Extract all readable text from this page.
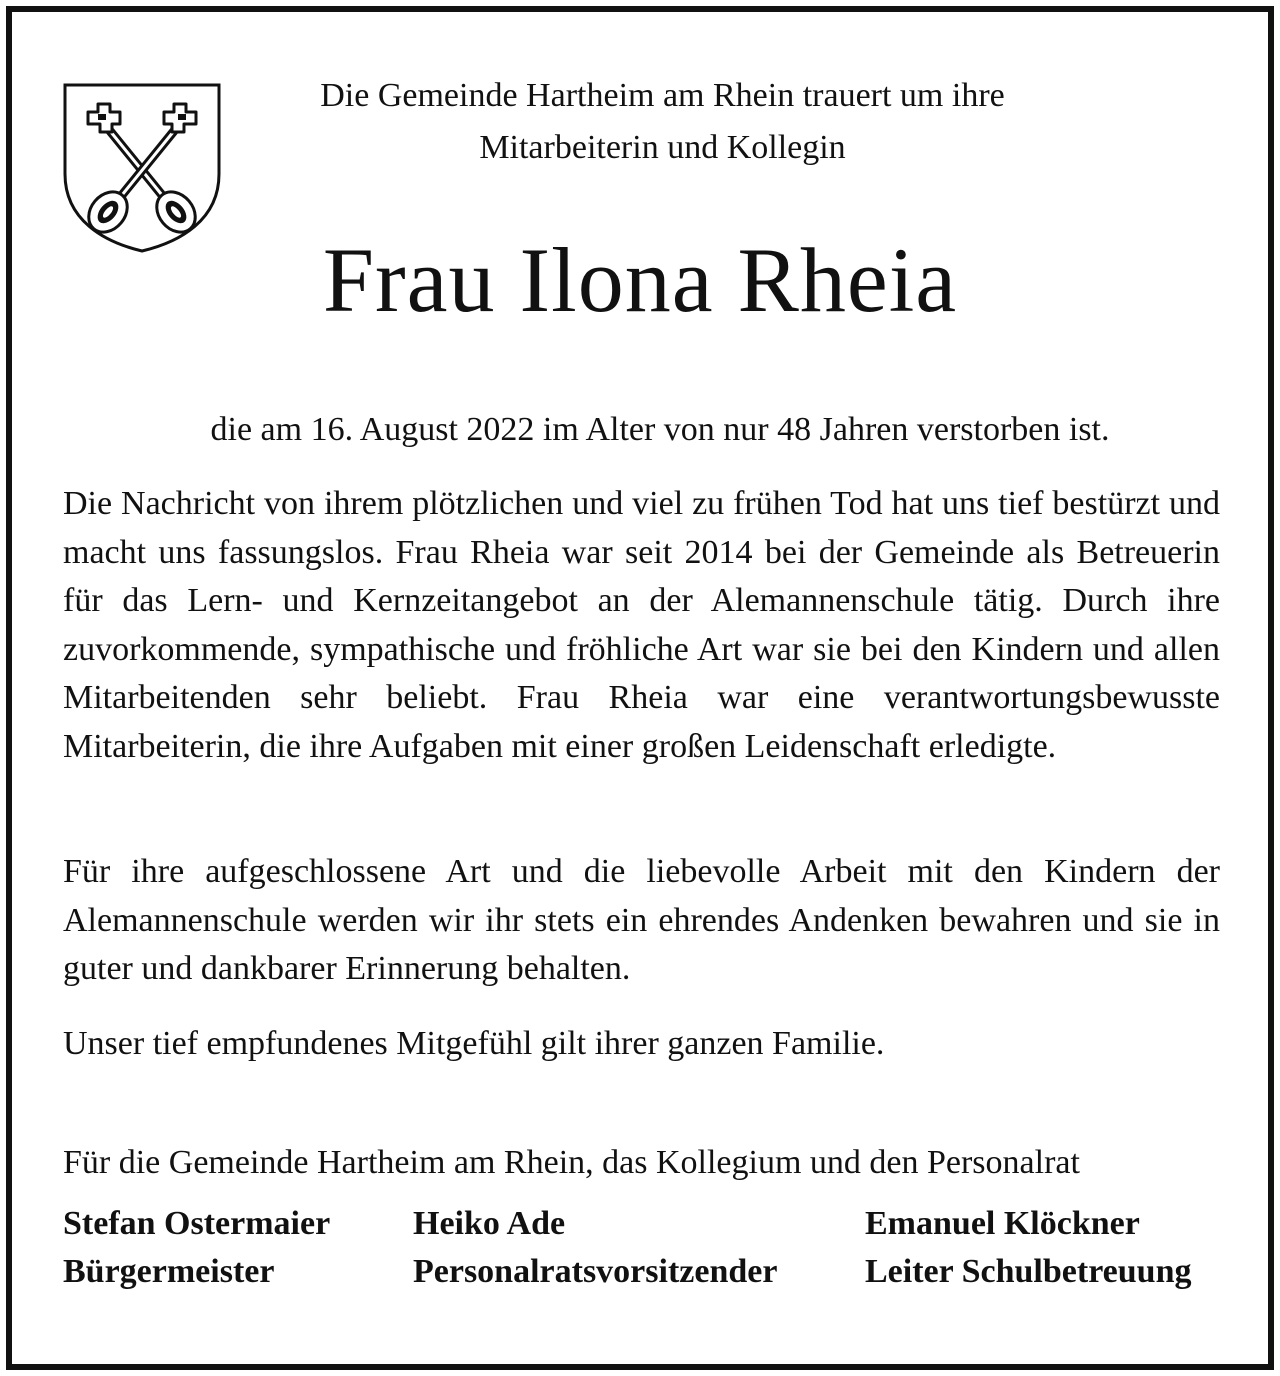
Die Gemeinde Hartheim am Rhein trauert um ihre
Mitarbeiterin und Kollegin
Frau Ilona Rheia
die am 16. August 2022 im Alter von nur 48 Jahren verstorben ist.

Die Nachricht von ihrem plötzlichen und viel zu frühen Tod hat uns tief bestürzt und macht uns fassungslos. Frau Rheia war seit 2014 bei der Gemeinde als Betreuerin für das Lern- und Kernzeitangebot an der Alemannenschule tätig. Durch ihre zuvorkommende, sympathische und fröhliche Art war sie bei den Kindern und allen Mitarbeitenden sehr beliebt. Frau Rheia war eine verantwortungsbewusste Mitarbeiterin, die ihre Aufgaben mit einer großen Leidenschaft erledigte.

Für ihre aufgeschlossene Art und die liebevolle Arbeit mit den Kindern der Alemannenschule werden wir ihr stets ein ehrendes Andenken bewahren und sie in guter und dankbarer Erinnerung behalten.

Unser tief empfundenes Mitgefühl gilt ihrer ganzen Familie.

Für die Gemeinde Hartheim am Rhein, das Kollegium und den Personalrat
Stefan Ostermaier
Bürgermeister
Heiko Ade
Personalratsvorsitzender
Emanuel Klöckner
Leiter Schulbetreuung
